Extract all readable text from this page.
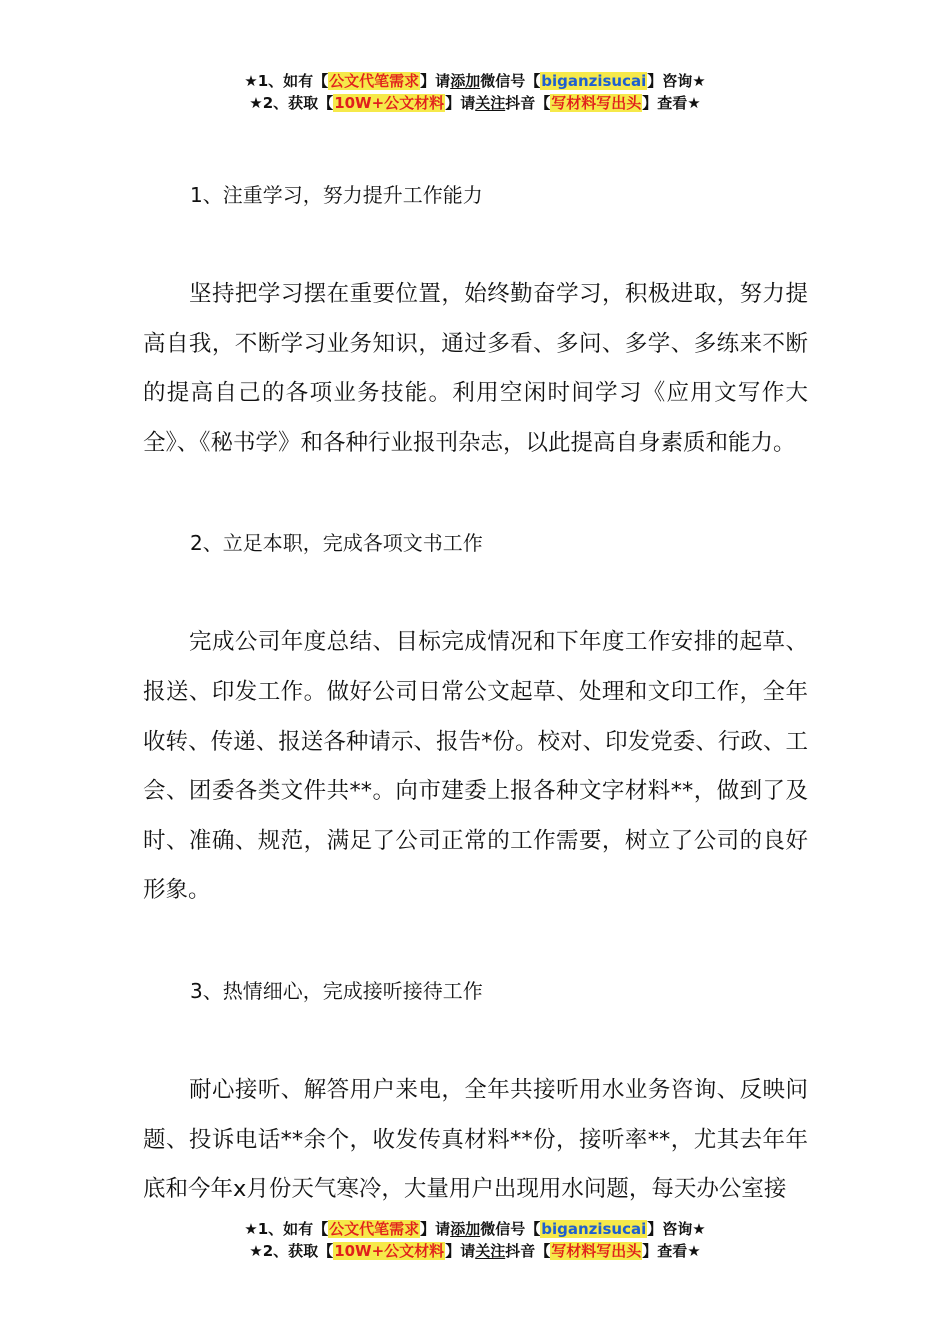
★1、如有【公文代笔需求】请添加微信号【biganzisucai】咨询★
★2、获取【10W+公文材料】请关注抖音【写材料写出头】查看★

1、注重学习，努力提升工作能力

坚持把学习摆在重要位置，始终勤奋学习，积极进取，努力提高自我，不断学习业务知识，通过多看、多问、多学、多练来不断的提高自己的各项业务技能。利用空闲时间学习《应用文写作大全》、《秘书学》和各种行业报刊杂志，以此提高自身素质和能力。

2、立足本职，完成各项文书工作

完成公司年度总结、目标完成情况和下年度工作安排的起草、报送、印发工作。做好公司日常公文起草、处理和文印工作，全年收转、传递、报送各种请示、报告*份。校对、印发党委、行政、工会、团委各类文件共**。向市建委上报各种文字材料**，做到了及时、准确、规范，满足了公司正常的工作需要，树立了公司的良好形象。

3、热情细心，完成接听接待工作

耐心接听、解答用户来电，全年共接听用水业务咨询、反映问题、投诉电话**余个，收发传真材料**份，接听率**，尤其去年年底和今年x月份天气寒冷，大量用户出现用水问题，每天办公室接

★1、如有【公文代笔需求】请添加微信号【biganzisucai】咨询★
★2、获取【10W+公文材料】请关注抖音【写材料写出头】查看★
